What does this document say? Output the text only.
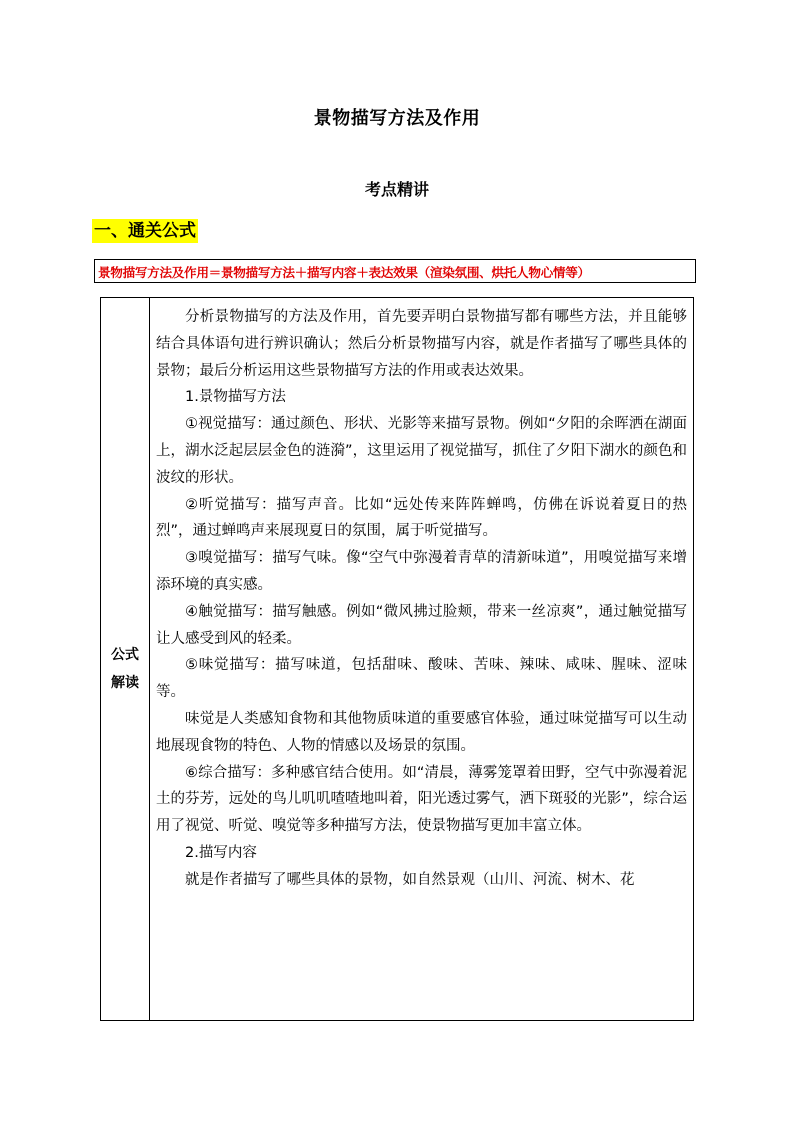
景物描写方法及作用
考点精讲
一、通关公式
景物描写方法及作用 ＝ 景物描写方法 ＋ 描写内容 ＋ 表达效果（渲染氛围、烘托人物心情等）
公式
解读

分析景物描写的方法及作用，首先要弄明白景物描写都有哪些方法，并且能够结合具体语句进行辨识确认；然后分析景物描写内容，就是作者描写了哪些具体的景物；最后分析运用这些景物描写方法的作用或表达效果。

1.景物描写方法

①视觉描写：通过颜色、形状、光影等来描写景物。例如“夕阳的余晖洒在湖面上，湖水泛起层层金色的涟漪”，这里运用了视觉描写，抓住了夕阳下湖水的颜色和波纹的形状。

②听觉描写：描写声音。比如“远处传来阵阵蝉鸣，仿佛在诉说着夏日的热烈”，通过蝉鸣声来展现夏日的氛围，属于听觉描写。

③嗅觉描写：描写气味。像“空气中弥漫着青草的清新味道”，用嗅觉描写来增添环境的真实感。

④触觉描写：描写触感。例如“微风拂过脸颊，带来一丝凉爽”，通过触觉描写让人感受到风的轻柔。

⑤味觉描写：描写味道，包括甜味、酸味、苦味、辣味、咸味、腥味、涩味等。

味觉是人类感知食物和其他物质味道的重要感官体验，通过味觉描写可以生动地展现食物的特色、人物的情感以及场景的氛围。

⑥综合描写：多种感官结合使用。如“清晨，薄雾笼罩着田野，空气中弥漫着泥土的芬芳，远处的鸟儿叽叽喳喳地叫着，阳光透过雾气，洒下斑驳的光影”，综合运用了视觉、听觉、嗅觉等多种描写方法，使景物描写更加丰富立体。

2.描写内容

就是作者描写了哪些具体的景物，如自然景观（山川、河流、树木、花
